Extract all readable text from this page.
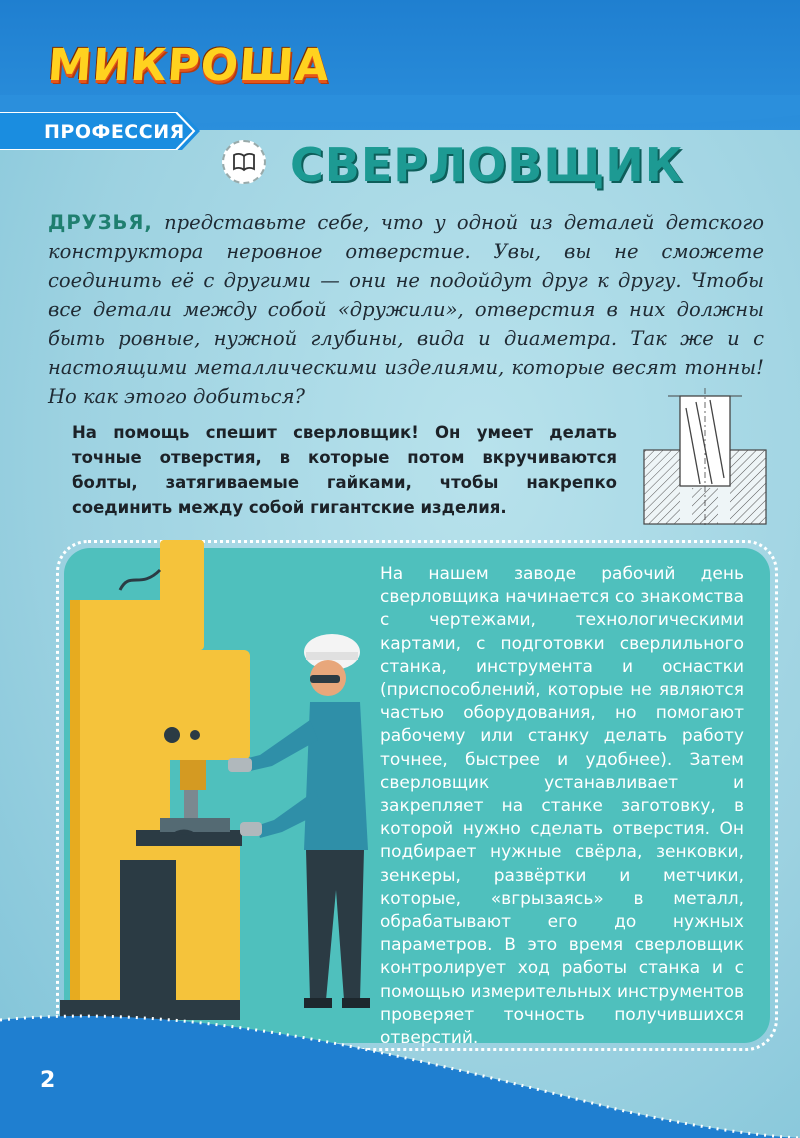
МИКРОША
ПРОФЕССИЯ
СВЕРЛОВЩИК
ДРУЗЬЯ, представьте себе, что у одной из деталей детского конструктора неровное отверстие. Увы, вы не сможете соединить её с другими — они не подойдут друг к другу. Чтобы все детали между собой «дружили», отверстия в них должны быть ровные, нужной глубины, вида и диаметра. Так же и с настоящими металлическими изделиями, которые весят тонны! Но как этого добиться?
На помощь спешит сверловщик! Он умеет делать точные отверстия, в которые потом вкручиваются болты, затягиваемые гайками, чтобы накрепко соединить между собой гигантские изделия.
На нашем заводе рабочий день сверловщика начинается со знакомства с чертежами, технологическими картами, с подготовки сверлильного станка, инструмента и оснастки (приспособлений, которые не являются частью оборудования, но помогают рабочему или станку делать работу точнее, быстрее и удобнее). Затем сверловщик устанавливает и закрепляет на станке заготовку, в которой нужно сделать отверстия. Он подбирает нужные свёрла, зенковки, зенкеры, развёртки и метчики, которые, «вгрызаясь» в металл, обрабатывают его до нужных параметров. В это время сверловщик контролирует ход работы станка и с помощью измерительных инструментов проверяет точность получившихся отверстий.
2
